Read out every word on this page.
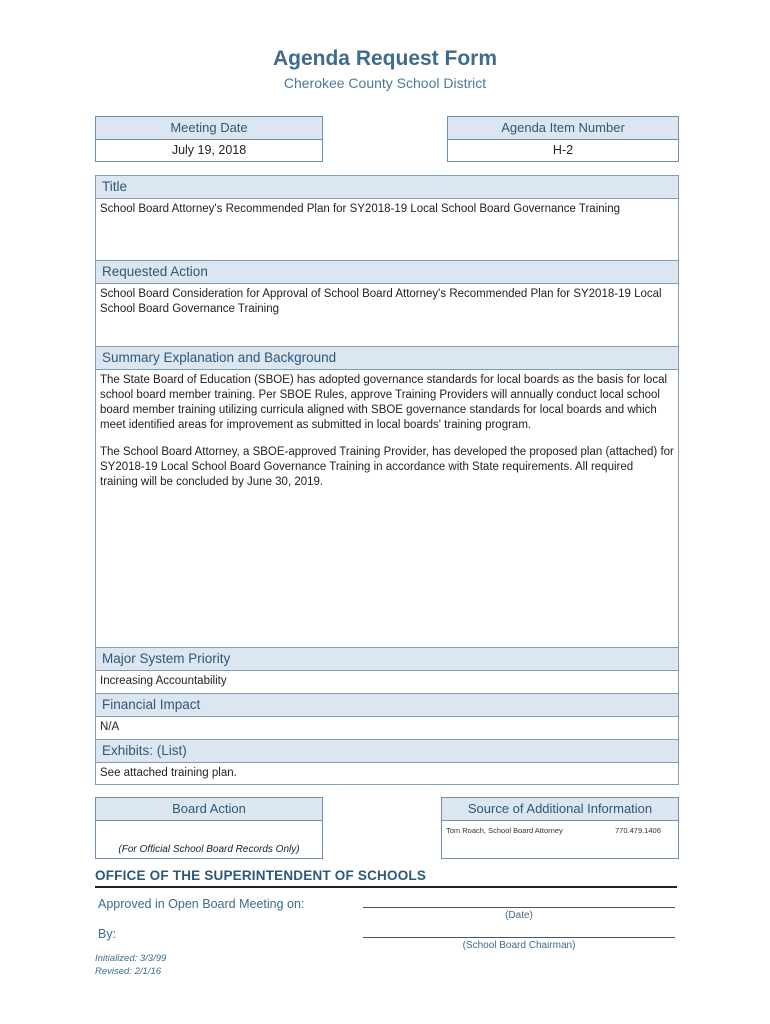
Agenda Request Form
Cherokee County School District
Meeting Date
July 19, 2018
Agenda Item Number
H-2
Title
School Board Attorney's Recommended Plan for SY2018-19 Local School Board Governance Training
Requested Action
School Board Consideration for Approval of School Board Attorney's Recommended Plan for SY2018-19 Local School Board Governance Training
Summary Explanation and Background

The State Board of Education (SBOE) has adopted governance standards for local boards as the basis for local school board member training. Per SBOE Rules, approve Training Providers will annually conduct local school board member training utilizing curricula aligned with SBOE governance standards for local boards and which meet identified areas for improvement as submitted in local boards' training program.

The School Board Attorney, a SBOE-approved Training Provider, has developed the proposed plan (attached) for SY2018-19 Local School Board Governance Training in accordance with State requirements. All required training will be concluded by June 30, 2019.

Major System Priority
Increasing Accountability
Financial Impact
N/A
Exhibits: (List)
See attached training plan.
Board Action
(For Official School Board Records Only)
Source of Additional Information
Tom Roach, School Board Attorney	770.479.1406
OFFICE OF THE SUPERINTENDENT OF SCHOOLS
Approved in Open Board Meeting on:
(Date)
By:
(School Board Chairman)
Initialized: 3/3/99
Revised: 2/1/16
